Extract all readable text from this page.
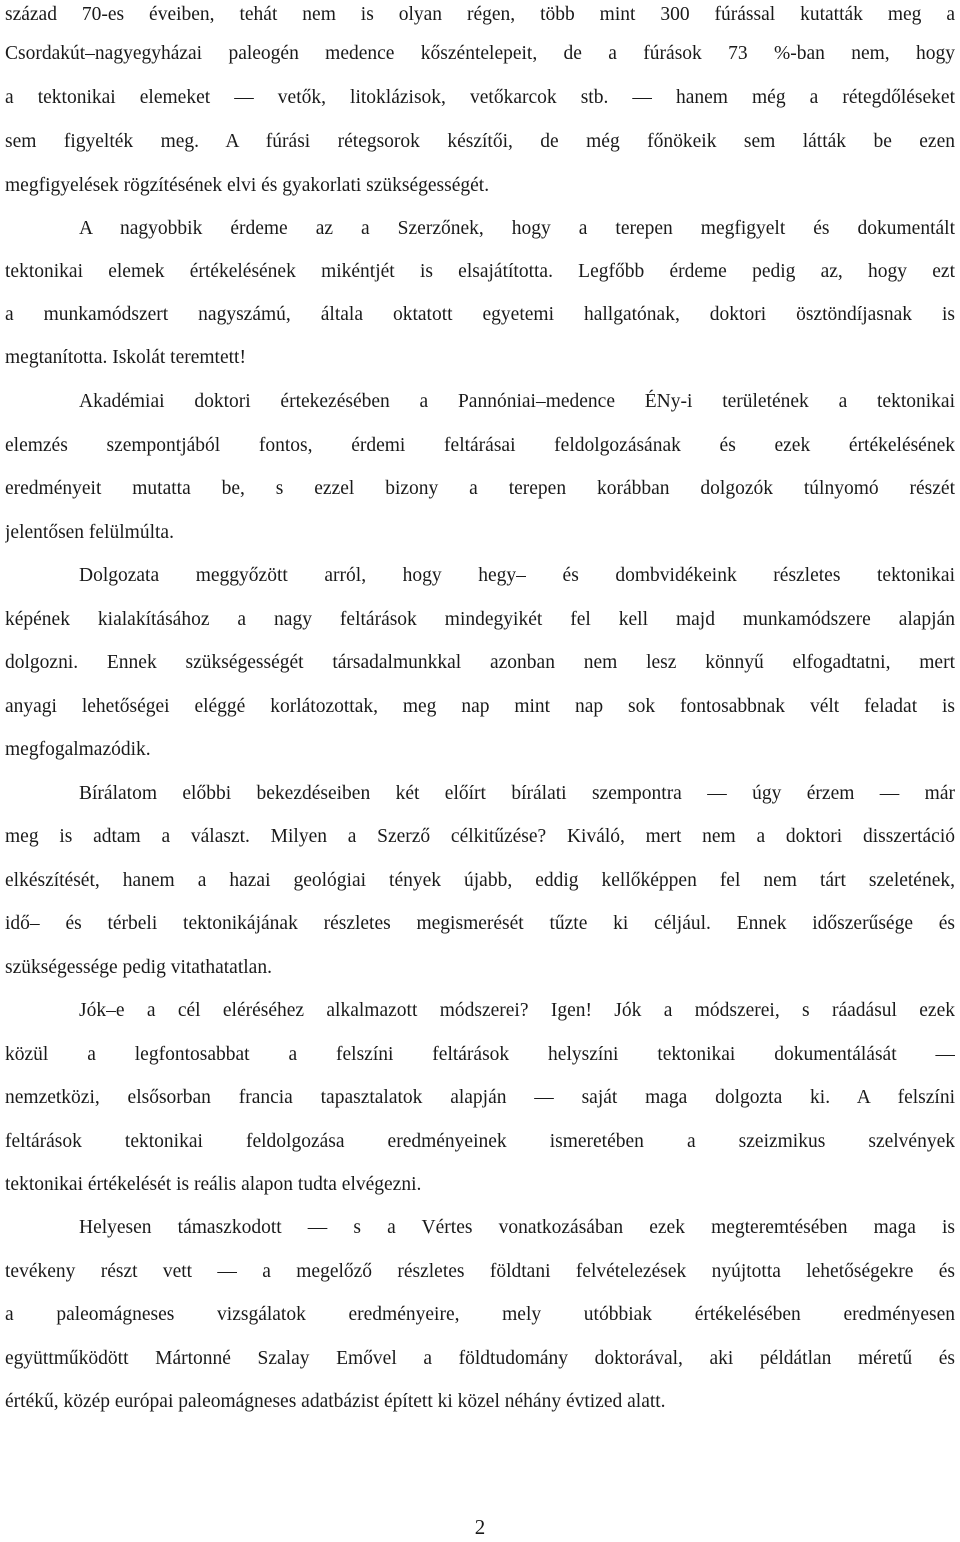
század 70-es éveiben, tehát nem is olyan régen, több mint 300 fúrással kutatták meg a
Csordakút–nagyegyházai paleogén medence kőszéntelepeit, de a fúrások 73 %-ban nem, hogy
a tektonikai elemeket — vetők, litoklázisok, vetőkarcok stb. — hanem még a rétegdőléseket
sem figyelték meg. A fúrási rétegsorok készítői, de még főnökeik sem látták be ezen
megfigyelések rögzítésének elvi és gyakorlati szükségességét.
A nagyobbik érdeme az a Szerzőnek, hogy a terepen megfigyelt és dokumentált
tektonikai elemek értékelésének mikéntjét is elsajátította. Legfőbb érdeme pedig az, hogy ezt
a munkamódszert nagyszámú, általa oktatott egyetemi hallgatónak, doktori ösztöndíjasnak is
megtanította. Iskolát teremtett!
Akadémiai doktori értekezésében a Pannóniai–medence ÉNy-i területének a tektonikai
elemzés szempontjából fontos, érdemi feltárásai feldolgozásának és ezek értékelésének
eredményeit mutatta be, s ezzel bizony a terepen korábban dolgozók túlnyomó részét
jelentősen felülmúlta.
Dolgozata meggyőzött arról, hogy hegy– és dombvidékeink részletes tektonikai
képének kialakításához a nagy feltárások mindegyikét fel kell majd munkamódszere alapján
dolgozni. Ennek szükségességét társadalmunkkal azonban nem lesz könnyű elfogadtatni, mert
anyagi lehetőségei eléggé korlátozottak, meg nap mint nap sok fontosabbnak vélt feladat is
megfogalmazódik.
Bírálatom előbbi bekezdéseiben két előírt bírálati szempontra — úgy érzem — már
meg is adtam a választ. Milyen a Szerző célkitűzése? Kiváló, mert nem a doktori disszertáció
elkészítését, hanem a hazai geológiai tények újabb, eddig kellőképpen fel nem tárt szeletének,
idő– és térbeli tektonikájának részletes megismerését tűzte ki céljául. Ennek időszerűsége és
szükségessége pedig vitathatatlan.
Jók–e a cél eléréséhez alkalmazott módszerei? Igen! Jók a módszerei, s ráadásul ezek
közül a legfontosabbat a felszíni feltárások helyszíni tektonikai dokumentálását —
nemzetközi, elsősorban francia tapasztalatok alapján — saját maga dolgozta ki. A felszíni
feltárások tektonikai feldolgozása eredményeinek ismeretében a szeizmikus szelvények
tektonikai értékelését is reális alapon tudta elvégezni.
Helyesen támaszkodott — s a Vértes vonatkozásában ezek megteremtésében maga is
tevékeny részt vett — a megelőző részletes földtani felvételezések nyújtotta lehetőségekre és
a paleomágneses vizsgálatok eredményeire, mely utóbbiak értékelésében eredményesen
együttműködött Mártonné Szalay Emővel a földtudomány doktorával, aki példátlan méretű és
értékű, közép európai paleomágneses adatbázist épített ki közel néhány évtized alatt.
2
